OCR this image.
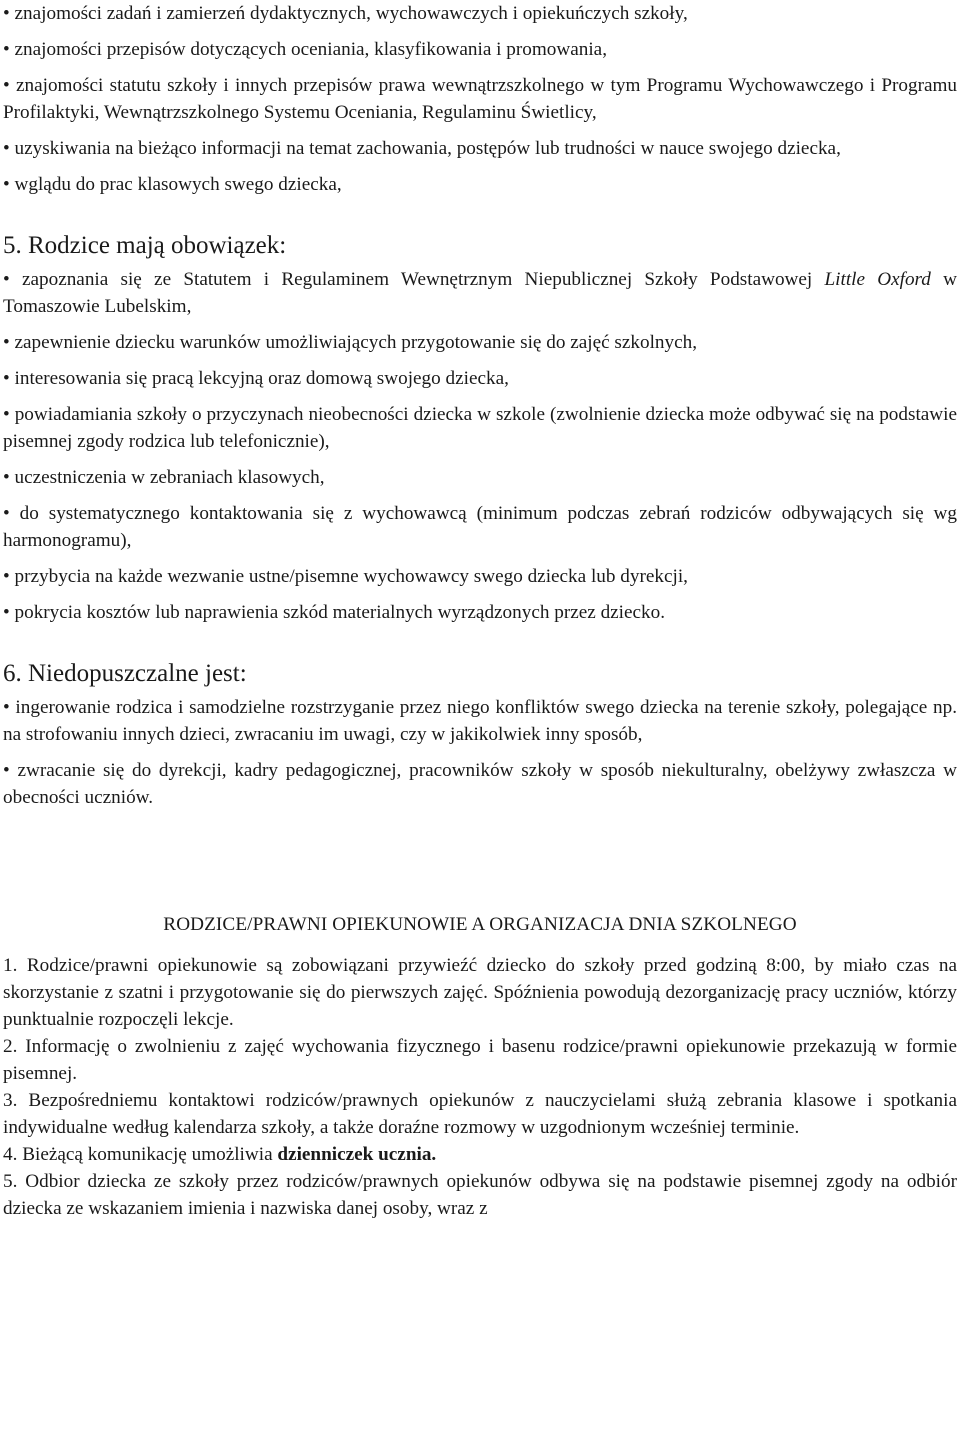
• znajomości zadań i zamierzeń dydaktycznych, wychowawczych i opiekuńczych szkoły,

• znajomości przepisów dotyczących oceniania, klasyfikowania i promowania,

• znajomości statutu szkoły i innych przepisów prawa wewnątrzszkolnego w tym Programu Wychowawczego i Programu Profilaktyki, Wewnątrzszkolnego Systemu Oceniania, Regulaminu Świetlicy,

• uzyskiwania na bieżąco informacji na temat zachowania, postępów lub trudności w nauce swojego dziecka,

• wglądu do prac klasowych swego dziecka,

5. Rodzice mają obowiązek:

• zapoznania się ze Statutem i Regulaminem Wewnętrznym Niepublicznej Szkoły Podstawowej Little Oxford w Tomaszowie Lubelskim,

• zapewnienie dziecku warunków umożliwiających przygotowanie się do zajęć szkolnych,

• interesowania się pracą lekcyjną oraz domową swojego dziecka,

• powiadamiania szkoły o przyczynach nieobecności dziecka w szkole (zwolnienie dziecka może odbywać się na podstawie pisemnej zgody rodzica lub telefonicznie),

• uczestniczenia w zebraniach klasowych,

• do systematycznego kontaktowania się z wychowawcą (minimum podczas zebrań rodziców odbywających się wg harmonogramu),

• przybycia na każde wezwanie ustne/pisemne wychowawcy swego dziecka lub dyrekcji,

• pokrycia kosztów lub naprawienia szkód materialnych wyrządzonych przez dziecko.

6. Niedopuszczalne jest:

• ingerowanie rodzica i samodzielne rozstrzyganie przez niego konfliktów swego dziecka na terenie szkoły, polegające np. na strofowaniu innych dzieci, zwracaniu im uwagi, czy w jakikolwiek inny sposób,

• zwracanie się do dyrekcji, kadry pedagogicznej, pracowników szkoły w sposób niekulturalny, obelżywy zwłaszcza w obecności uczniów.

RODZICE/PRAWNI OPIEKUNOWIE A ORGANIZACJA DNIA SZKOLNEGO

1. Rodzice/prawni opiekunowie są zobowiązani przywieźć dziecko do szkoły przed godziną 8:00, by miało czas na skorzystanie z szatni i przygotowanie się do pierwszych zajęć. Spóźnienia powodują dezorganizację pracy uczniów, którzy punktualnie rozpoczęli lekcje.

2. Informację o zwolnieniu z zajęć wychowania fizycznego i basenu rodzice/prawni opiekunowie przekazują w formie pisemnej.

3. Bezpośredniemu kontaktowi rodziców/prawnych opiekunów z nauczycielami służą zebrania klasowe i spotkania indywidualne według kalendarza szkoły, a także doraźne rozmowy w uzgodnionym wcześniej terminie.

4. Bieżącą komunikację umożliwia dzienniczek ucznia.

5. Odbior dziecka ze szkoły przez rodziców/prawnych opiekunów odbywa się na podstawie pisemnej zgody na odbiór dziecka ze wskazaniem imienia i nazwiska danej osoby, wraz z
